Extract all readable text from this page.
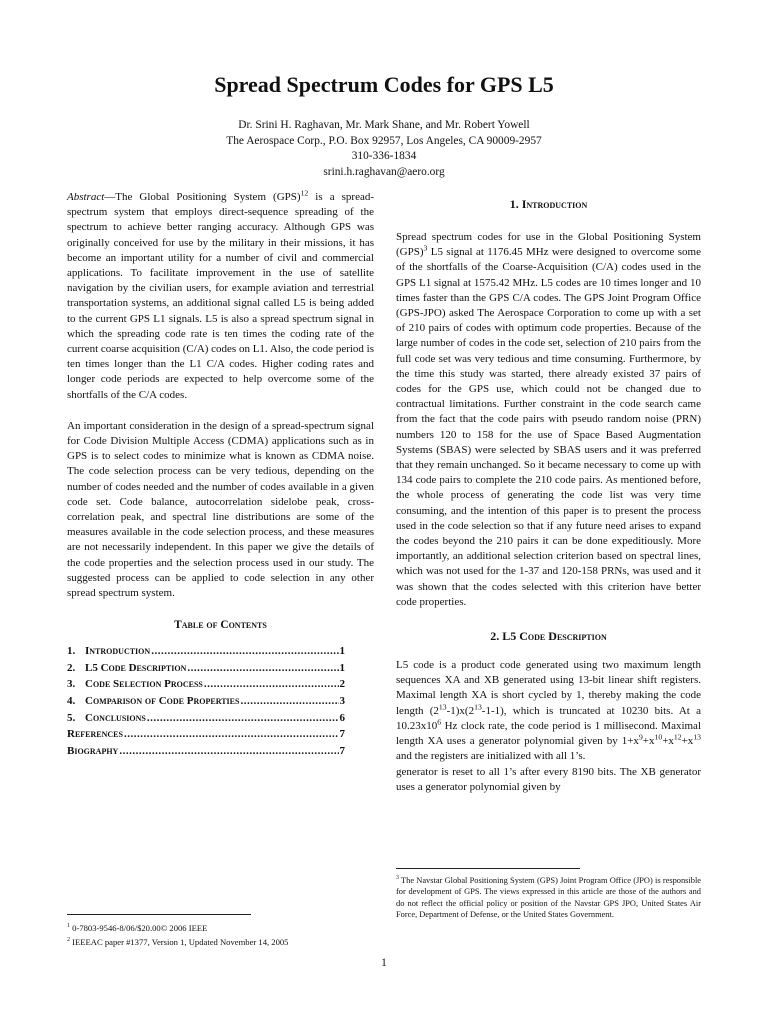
Spread Spectrum Codes for GPS L5
Dr. Srini H. Raghavan, Mr. Mark Shane, and Mr. Robert Yowell
The Aerospace Corp., P.O. Box 92957, Los Angeles, CA 90009-2957
310-336-1834
srini.h.raghavan@aero.org

Abstract—The Global Positioning System (GPS)$^{12}$ is a spread-spectrum system that employs direct-sequence spreading of the spectrum to achieve better ranging accuracy. Although GPS was originally conceived for use by the military in their missions, it has become an important utility for a number of civil and commercial applications. To facilitate improvement in the use of satellite navigation by the civilian users, for example aviation and terrestrial transportation systems, an additional signal called L5 is being added to the current GPS L1 signals. L5 is also a spread spectrum signal in which the spreading code rate is ten times the coding rate of the current coarse acquisition (C/A) codes on L1. Also, the code period is ten times longer than the L1 C/A codes. Higher coding rates and longer code periods are expected to help overcome some of the shortfalls of the C/A codes.

An important consideration in the design of a spread-spectrum signal for Code Division Multiple Access (CDMA) applications such as in GPS is to select codes to minimize what is known as CDMA noise. The code selection process can be very tedious, depending on the number of codes needed and the number of codes available in a given code set. Code balance, autocorrelation sidelobe peak, cross-correlation peak, and spectral line distributions are some of the measures available in the code selection process, and these measures are not necessarily independent. In this paper we give the details of the code properties and the selection process used in our study. The suggested process can be applied to code selection in any other spread spectrum system.

Table of Contents
1. Introduction .....	1
2. L5 Code Description .....	1
3. Code Selection Process .....	2
4. Comparison of Code Properties .....	3
5. Conclusions .....	6
References .....	7
Biography .....	7
1. Introduction

Spread spectrum codes for use in the Global Positioning System (GPS)$^3$ L5 signal at 1176.45 MHz were designed to overcome some of the shortfalls of the Coarse-Acquisition (C/A) codes used in the GPS L1 signal at 1575.42 MHz. L5 codes are 10 times longer and 10 times faster than the GPS C/A codes. The GPS Joint Program Office (GPS-JPO) asked The Aerospace Corporation to come up with a set of 210 pairs of codes with optimum code properties. Because of the large number of codes in the code set, selection of 210 pairs from the full code set was very tedious and time consuming. Furthermore, by the time this study was started, there already existed 37 pairs of codes for the GPS use, which could not be changed due to contractual limitations. Further constraint in the code search came from the fact that the code pairs with pseudo random noise (PRN) numbers 120 to 158 for the use of Space Based Augmentation Systems (SBAS) were selected by SBAS users and it was preferred that they remain unchanged. So it became necessary to come up with 134 code pairs to complete the 210 code pairs. As mentioned before, the whole process of generating the code list was very time consuming, and the intention of this paper is to present the process used in the code selection so that if any future need arises to expand the codes beyond the 210 pairs it can be done expeditiously. More importantly, an additional selection criterion based on spectral lines, which was not used for the 1-37 and 120-158 PRNs, was used and it was shown that the codes selected with this criterion have better code properties.

2. L5 Code Description

L5 code is a product code generated using two maximum length sequences XA and XB generated using 13-bit linear shift registers. Maximal length XA is short cycled by 1, thereby making the code length $(2^{13}-1)x(2^{13}-1-1)$, which is truncated at 10230 bits. At a $10.23x10^6$ Hz clock rate, the code period is 1 millisecond. Maximal length XA uses a generator polynomial given by $1+x^9+x^{10}+x^{12}+x^{13}$ and the registers are initialized with all 1’s.

generator is reset to all 1’s after every 8190 bits. The XB generator uses a generator polynomial given by

$^3$ The Navstar Global Positioning System (GPS) Joint Program Office (JPO) is responsible for development of GPS. The views expressed in this article are those of the authors and do not reflect the official policy or position of the Navstar GPS JPO, United States Air Force, Department of Defense, or the United States Government.

$^1$ 0-7803-9546-8/06/$20.00© 2006 IEEE
$^2$ IEEEAC paper #1377, Version 1, Updated November 14, 2005
1
